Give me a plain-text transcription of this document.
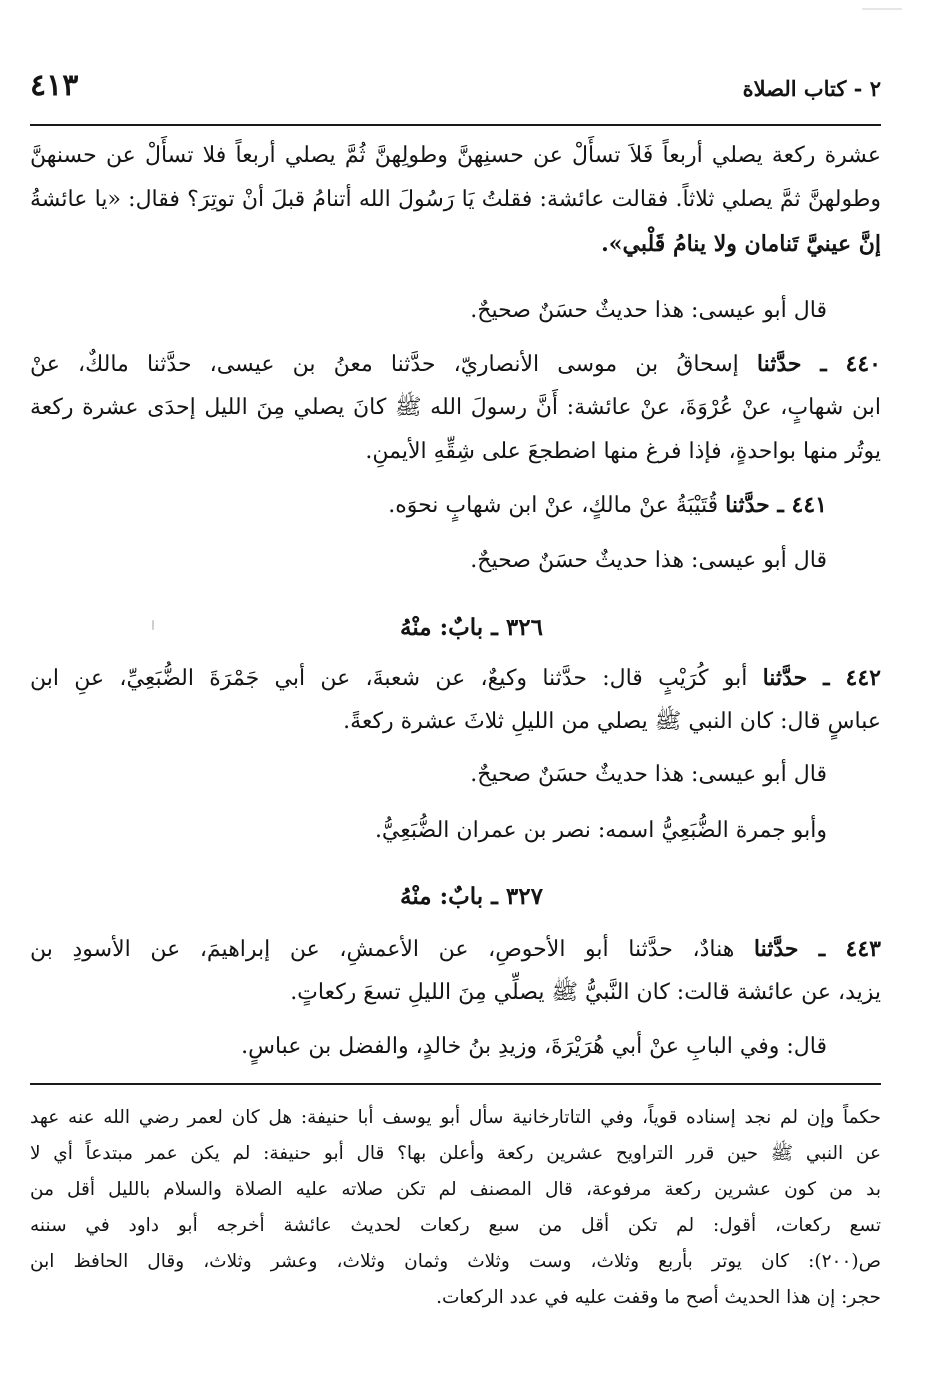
٢ - كتاب الصلاة
٤١٣
عشرة ركعة يصلي أربعاً فَلاَ تسأَلْ عن حسنِهنَّ وطولِهنَّ ثُمَّ يصلي أربعاً فلا تسأَلْ عن حسنهنَّ
وطولهنَّ ثمَّ يصلي ثلاثاً. فقالت عائشة: فقلتُ يَا رَسُولَ الله أتنامُ قبلَ أنْ توتِرَ؟ فقال: «يا عائشةُ
إنَّ عينيَّ تَنامان ولا ينامُ قَلْبي».
قال أبو عيسى: هذا حديثٌ حسَنٌ صحيحٌ.
٤٤٠ ـ حدَّثنا إسحاقُ بن موسى الأنصاريّ، حدَّثنا معنُ بن عيسى، حدَّثنا مالكٌ، عنْ
ابن شهابٍ، عنْ عُرْوَةَ، عنْ عائشة: أَنَّ رسولَ الله ﷺ كانَ يصلي مِنَ الليل إحدَى عشرة ركعة
يوتُر منها بواحدةٍ، فإذا فرغ منها اضطجعَ على شِقِّهِ الأيمنِ.
٤٤١ ـ حدَّثنا قُتَيْبَةُ عنْ مالكٍ، عنْ ابن شهابٍ نحوَه.
قال أبو عيسى: هذا حديثٌ حسَنٌ صحيحٌ.
٣٢٦ ـ بابٌ: منْهُ
٤٤٢ ـ حدَّثنا أبو كُرَيْبٍ قال: حدَّثنا وكيعٌ، عن شعبةَ، عن أبي جَمْرَةَ الضُّبَعِيِّ، عنِ ابن
عباسٍ قال: كان النبي ﷺ يصلي من الليلِ ثلاثَ عشرة ركعةً.
قال أبو عيسى: هذا حديثٌ حسَنٌ صحيحٌ.
وأبو جمرة الضُّبَعِيُّ اسمه: نصر بن عمران الضُّبَعِيُّ.
٣٢٧ ـ بابٌ: منْهُ
٤٤٣ ـ حدَّثنا هنادٌ، حدَّثنا أبو الأحوصِ، عن الأعمشِ، عن إبراهيمَ، عن الأسودِ بن
يزيد، عن عائشة قالت: كان النَّبيُّ ﷺ يصلِّي مِنَ الليلِ تسعَ ركعاتٍ.
قال: وفي البابِ عنْ أبي هُرَيْرَةَ، وزيدِ بنُ خالدٍ، والفضل بن عباسٍ.
حكماً وإن لم نجد إسناده قوياً، وفي التاتارخانية سأل أبو يوسف أبا حنيفة: هل كان لعمر رضي الله عنه عهد
عن النبي ﷺ حين قرر التراويح عشرين ركعة وأعلن بها؟ قال أبو حنيفة: لم يكن عمر مبتدعاً أي لا
بد من كون عشرين ركعة مرفوعة، قال المصنف لم تكن صلاته عليه الصلاة والسلام بالليل أقل من
تسع ركعات، أقول: لم تكن أقل من سبع ركعات لحديث عائشة أخرجه أبو داود في سننه
ص(٢٠٠): كان يوتر بأربع وثلاث، وست وثلاث وثمان وثلاث، وعشر وثلاث، وقال الحافظ ابن
حجر: إن هذا الحديث أصح ما وقفت عليه في عدد الركعات.
